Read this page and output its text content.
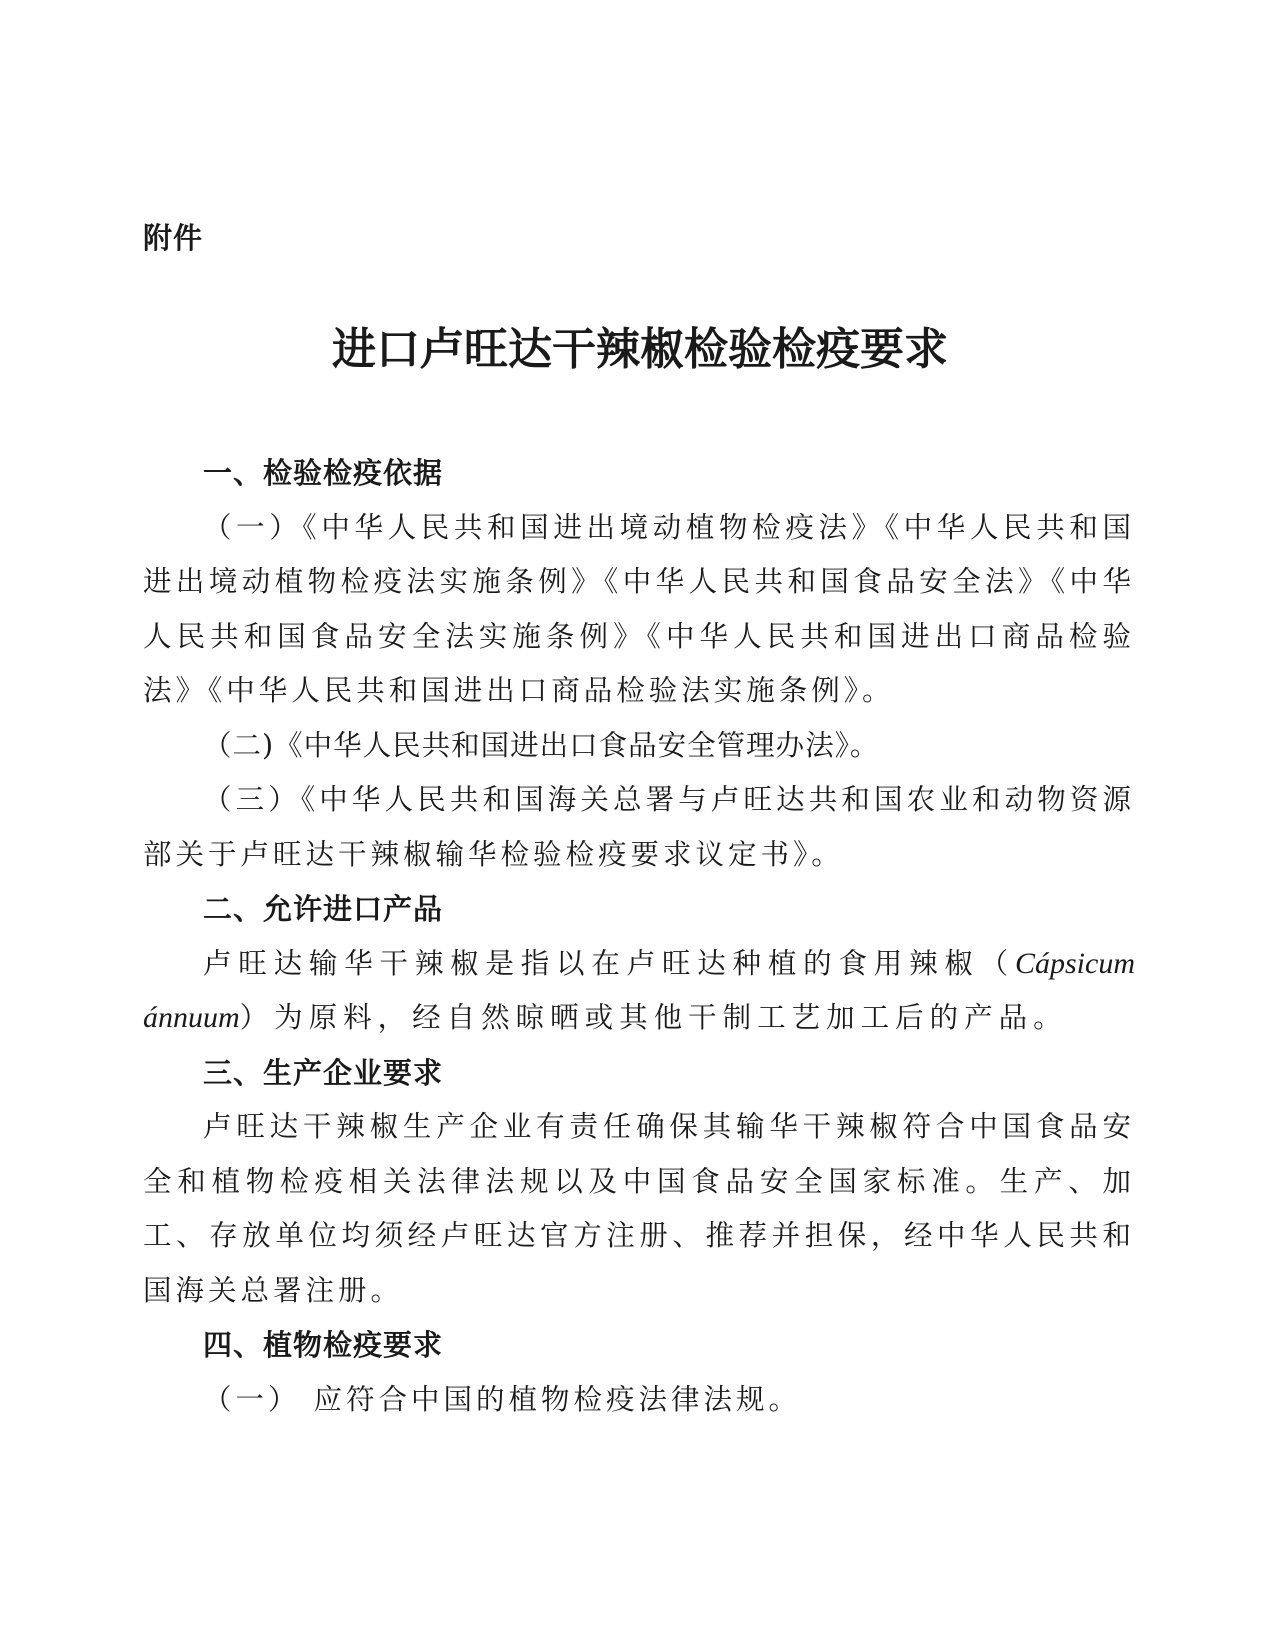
附件
进口卢旺达干辣椒检验检疫要求

一、检验检疫依据

（一）《中华人民共和国进出境动植物检疫法》《中华人民共和国进出境动植物检疫法实施条例》《中华人民共和国食品安全法》《中华人民共和国食品安全法实施条例》《中华人民共和国进出口商品检验法》《中华人民共和国进出口商品检验法实施条例》。

（二)《中华人民共和国进出口食品安全管理办法》。

（三）《中华人民共和国海关总署与卢旺达共和国农业和动物资源部关于卢旺达干辣椒输华检验检疫要求议定书》。

二、允许进口产品

卢旺达输华干辣椒是指以在卢旺达种植的食用辣椒（Cápsicum ánnuum）为原料，经自然晾晒或其他干制工艺加工后的产品。

三、生产企业要求

卢旺达干辣椒生产企业有责任确保其输华干辣椒符合中国食品安全和植物检疫相关法律法规以及中国食品安全国家标准。生产、加工、存放单位均须经卢旺达官方注册、推荐并担保，经中华人民共和国海关总署注册。

四、植物检疫要求

（一） 应符合中国的植物检疫法律法规。
